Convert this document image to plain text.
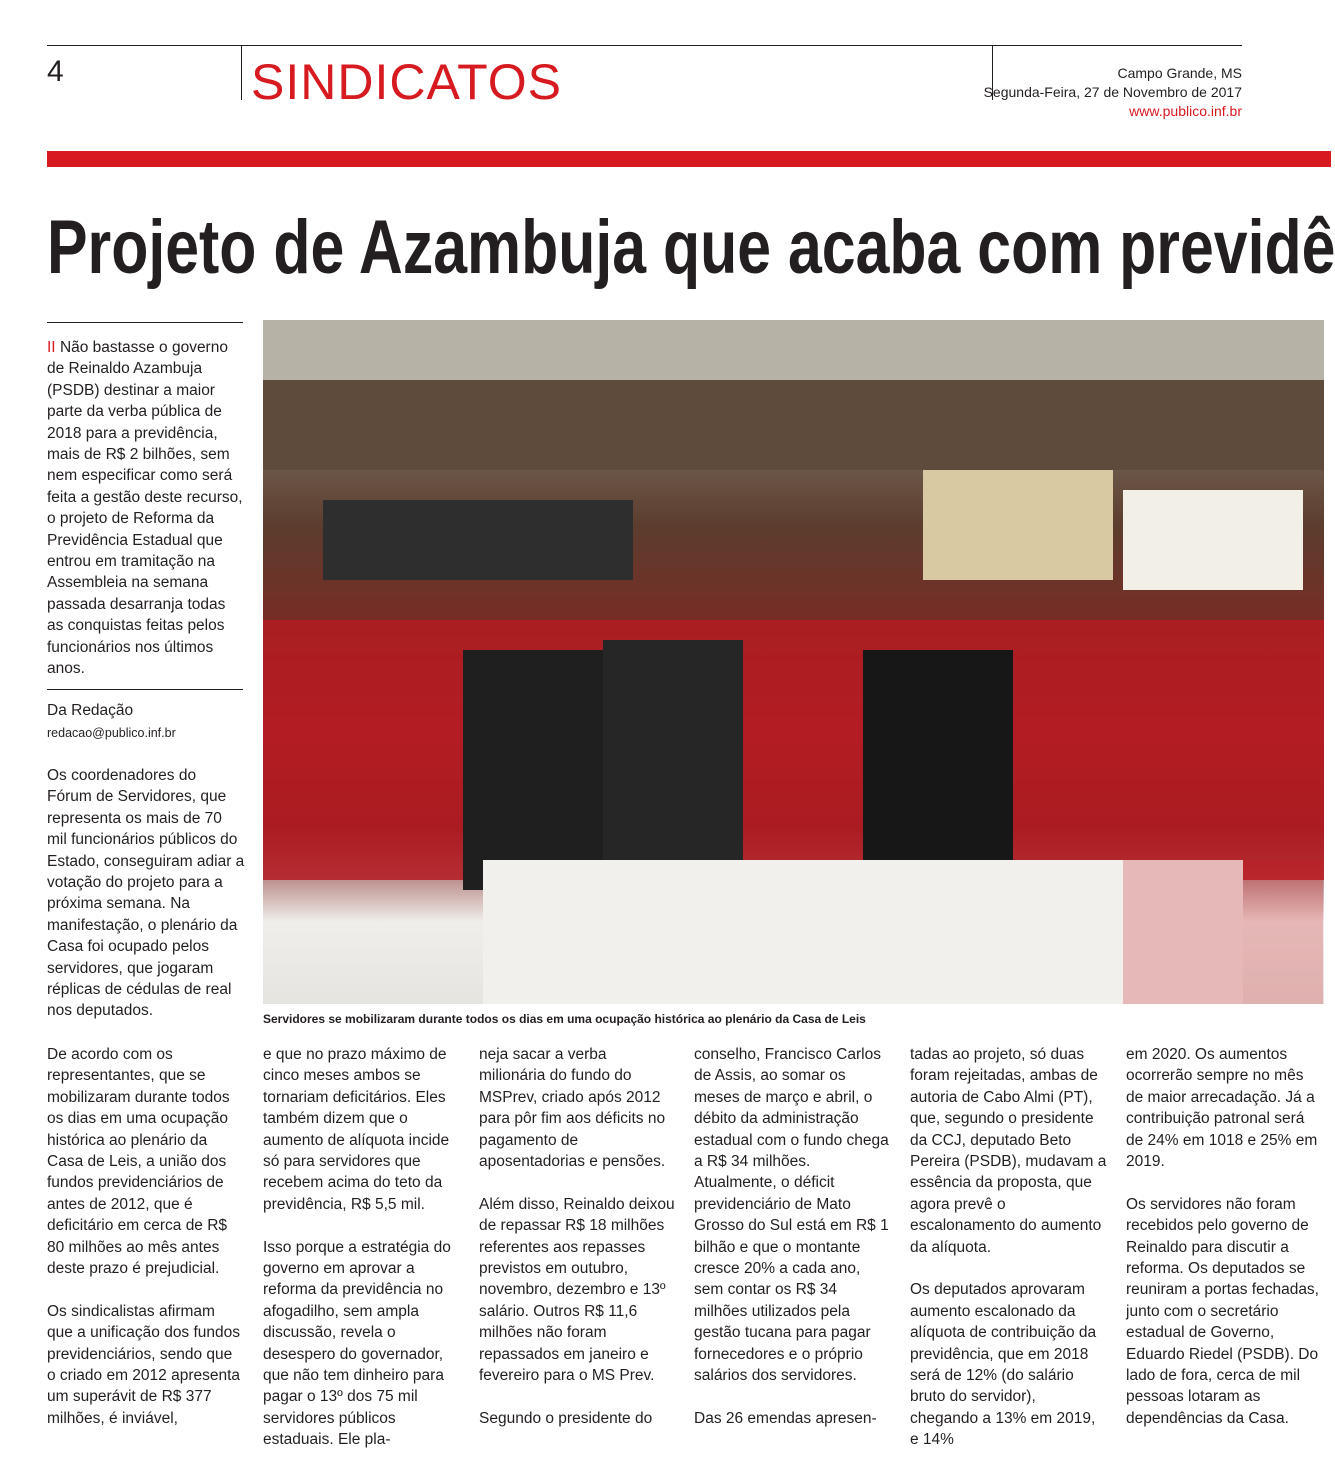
4	SINDICATOS	Campo Grande, MS
Segunda-Feira, 27 de Novembro de 2017
www.publico.inf.br
Projeto de Azambuja que acaba com previdê
II Não bastasse o governo de Reinaldo Azambuja (PSDB) destinar a maior parte da verba pública de 2018 para a previdência, mais de R$ 2 bilhões, sem nem especificar como será feita a gestão deste recurso, o projeto de Reforma da Previdência Estadual que entrou em tramitação na Assembleia na semana passada desarranja todas as conquistas feitas pelos funcionários nos últimos anos.
Da Redação
redacao@publico.inf.br

Os coordenadores do Fórum de Servidores, que representa os mais de 70 mil funcionários públicos do Estado, conseguiram adiar a votação do projeto para a próxima semana. Na manifestação, o plenário da Casa foi ocupado pelos servidores, que jogaram réplicas de cédulas de real nos deputados.	Servidores se mobilizaram durante todos os dias em uma ocupação histórica ao plenário da Casa de Leis

De acordo com os representantes, que se mobilizaram durante todos os dias em uma ocupação histórica ao plenário da Casa de Leis, a união dos fundos previdenciários de antes de 2012, que é deficitário em cerca de R$ 80 milhões ao mês antes deste prazo é prejudicial.

Os sindicalistas afirmam que a unificação dos fundos previdenciários, sendo que o criado em 2012 apresenta um superávit de R$ 377 milhões, é inviável,

e que no prazo máximo de cinco meses ambos se tornariam deficitários. Eles também dizem que o aumento de alíquota incide só para servidores que recebem acima do teto da previdência, R$ 5,5 mil.

Isso porque a estratégia do governo em aprovar a reforma da previdência no afogadilho, sem ampla discussão, revela o desespero do governador, que não tem dinheiro para pagar o 13º dos 75 mil servidores públicos estaduais. Ele pla-

neja sacar a verba milionária do fundo do MSPrev, criado após 2012 para pôr fim aos déficits no pagamento de aposentadorias e pensões.

Além disso, Reinaldo deixou de repassar R$ 18 milhões referentes aos repasses previstos em outubro, novembro, dezembro e 13º salário. Outros R$ 11,6 milhões não foram repassados em janeiro e fevereiro para o MS Prev.

Segundo o presidente do

conselho, Francisco Carlos de Assis, ao somar os meses de março e abril, o débito da administração estadual com o fundo chega a R$ 34 milhões. Atualmente, o déficit previdenciário de Mato Grosso do Sul está em R$ 1 bilhão e que o montante cresce 20% a cada ano, sem contar os R$ 34 milhões utilizados pela gestão tucana para pagar fornecedores e o próprio salários dos servidores.

Das 26 emendas apresen-

tadas ao projeto, só duas foram rejeitadas, ambas de autoria de Cabo Almi (PT), que, segundo o presidente da CCJ, deputado Beto Pereira (PSDB), mudavam a essência da proposta, que agora prevê o escalonamento do aumento da alíquota.

Os deputados aprovaram aumento escalonado da alíquota de contribuição da previdência, que em 2018 será de 12% (do salário bruto do servidor), chegando a 13% em 2019, e 14%

em 2020. Os aumentos ocorrerão sempre no mês de maior arrecadação. Já a contribuição patronal será de 24% em 1018 e 25% em 2019.

Os servidores não foram recebidos pelo governo de Reinaldo para discutir a reforma. Os deputados se reuniram a portas fechadas, junto com o secretário estadual de Governo, Eduardo Riedel (PSDB). Do lado de fora, cerca de mil pessoas lotaram as dependências da Casa.
